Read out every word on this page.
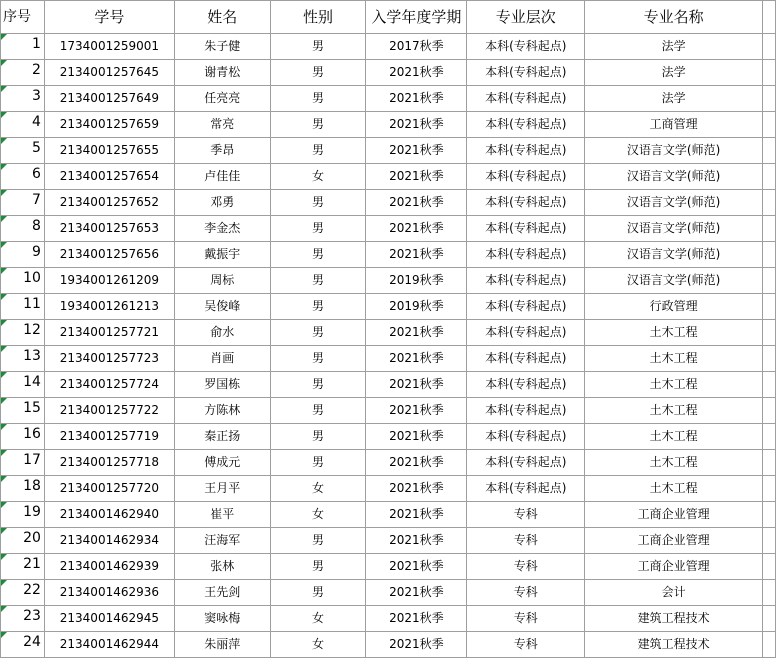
序号	学号	姓名	性别	入学年度学期	专业层次	专业名称	
1	1734001259001	朱子健	男	2017秋季	本科(专科起点)	法学	
2	2134001257645	谢青松	男	2021秋季	本科(专科起点)	法学	
3	2134001257649	任亮亮	男	2021秋季	本科(专科起点)	法学	
4	2134001257659	常亮	男	2021秋季	本科(专科起点)	工商管理	
5	2134001257655	季昂	男	2021秋季	本科(专科起点)	汉语言文学(师范)	
6	2134001257654	卢佳佳	女	2021秋季	本科(专科起点)	汉语言文学(师范)	
7	2134001257652	邓勇	男	2021秋季	本科(专科起点)	汉语言文学(师范)	
8	2134001257653	李金杰	男	2021秋季	本科(专科起点)	汉语言文学(师范)	
9	2134001257656	戴振宇	男	2021秋季	本科(专科起点)	汉语言文学(师范)	
10	1934001261209	周标	男	2019秋季	本科(专科起点)	汉语言文学(师范)	
11	1934001261213	吴俊峰	男	2019秋季	本科(专科起点)	行政管理	
12	2134001257721	俞水	男	2021秋季	本科(专科起点)	土木工程	
13	2134001257723	肖画	男	2021秋季	本科(专科起点)	土木工程	
14	2134001257724	罗国栋	男	2021秋季	本科(专科起点)	土木工程	
15	2134001257722	方陈林	男	2021秋季	本科(专科起点)	土木工程	
16	2134001257719	秦正扬	男	2021秋季	本科(专科起点)	土木工程	
17	2134001257718	傅成元	男	2021秋季	本科(专科起点)	土木工程	
18	2134001257720	王月平	女	2021秋季	本科(专科起点)	土木工程	
19	2134001462940	崔平	女	2021秋季	专科	工商企业管理	
20	2134001462934	汪海军	男	2021秋季	专科	工商企业管理	
21	2134001462939	张林	男	2021秋季	专科	工商企业管理	
22	2134001462936	王先剑	男	2021秋季	专科	会计	
23	2134001462945	窦咏梅	女	2021秋季	专科	建筑工程技术	
24	2134001462944	朱丽萍	女	2021秋季	专科	建筑工程技术	
